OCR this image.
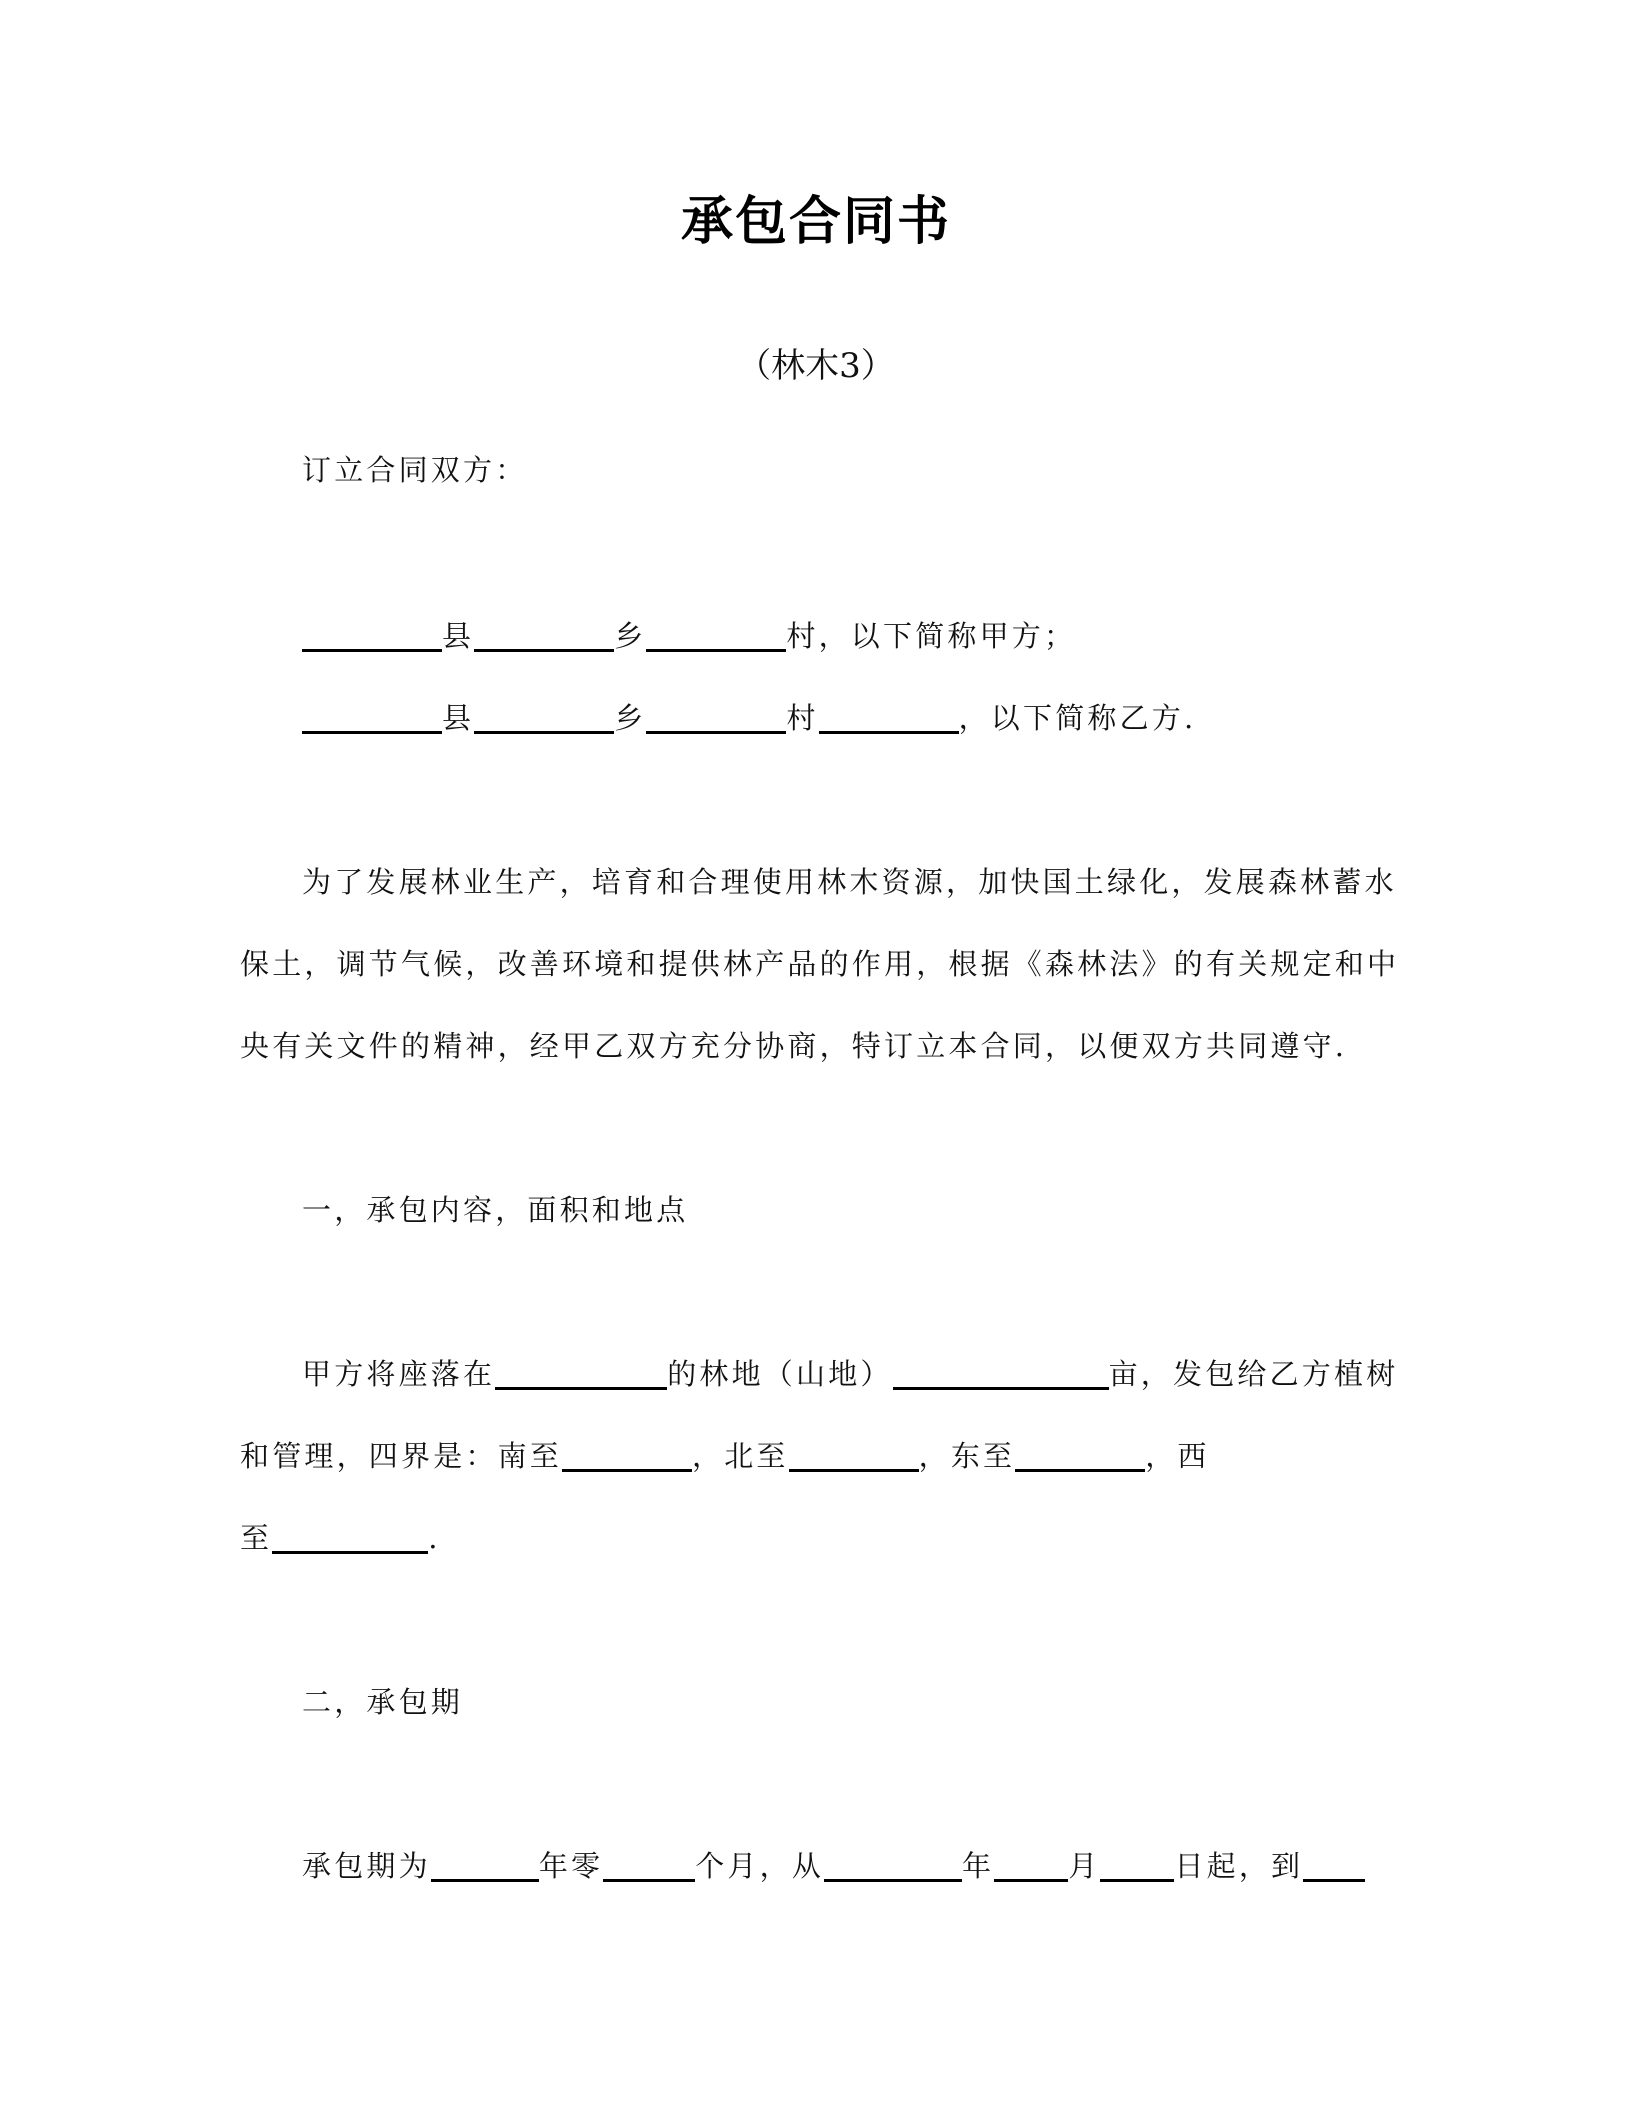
承包合同书
（林木3）
订立合同双方：
县	乡	村，以下简称甲方；
县	乡	村	，以下简称乙方.
为了发展林业生产，培育和合理使用林木资源，加快国土绿化，发展森林蓄水
保土，调节气候，改善环境和提供林产品的作用，根据《森林法》的有关规定和中
央有关文件的精神，经甲乙双方充分协商，特订立本合同，以便双方共同遵守.
一，承包内容，面积和地点
甲方将座落在	的林地（山地）	亩，发包给乙方植树
和管理，四界是：南至	，北至	，东至	，西
至	.
二，承包期
承包期为	年零	个月，从	年	月	日起，到
